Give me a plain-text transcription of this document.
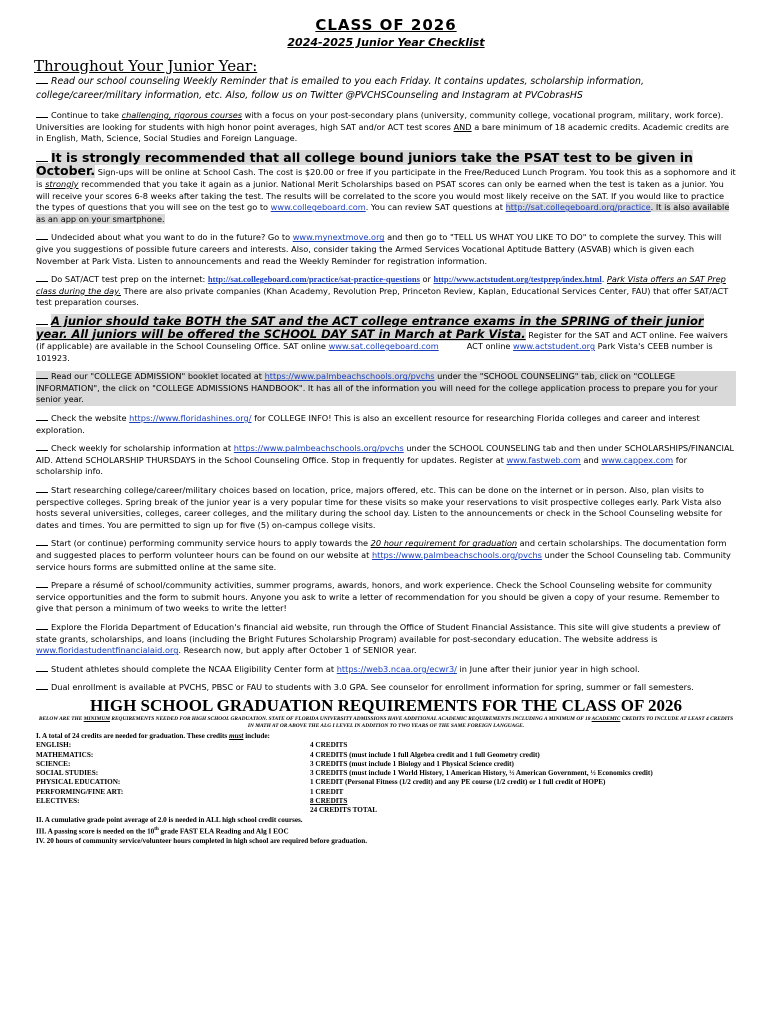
CLASS OF 2026
2024-2025 Junior Year Checklist
Throughout Your Junior Year:

Read our school counseling Weekly Reminder that is emailed to you each Friday. It contains updates, scholarship information, college/career/military information, etc. Also, follow us on Twitter @PVCHSCounseling and Instagram at PVCobrasHS

Continue to take challenging, rigorous courses with a focus on your post-secondary plans (university, community college, vocational program, military, work force). Universities are looking for students with high honor point averages, high SAT and/or ACT test scores AND a bare minimum of 18 academic credits. Academic credits are in English, Math, Science, Social Studies and Foreign Language.

It is strongly recommended that all college bound juniors take the PSAT test to be given in October. Sign-ups will be online at School Cash. The cost is $20.00 or free if you participate in the Free/Reduced Lunch Program. You took this as a sophomore and it is strongly recommended that you take it again as a junior. National Merit Scholarships based on PSAT scores can only be earned when the test is taken as a junior. You will receive your scores 6-8 weeks after taking the test. The results will be correlated to the score you would most likely receive on the SAT. If you would like to practice the types of questions that you will see on the test go to www.collegeboard.com. You can review SAT questions at http://sat.collegeboard.org/practice. It is also available as an app on your smartphone.

Undecided about what you want to do in the future? Go to www.mynextmove.org and then go to "TELL US WHAT YOU LIKE TO DO" to complete the survey. This will give you suggestions of possible future careers and interests. Also, consider taking the Armed Services Vocational Aptitude Battery (ASVAB) which is given each November at Park Vista. Listen to announcements and read the Weekly Reminder for registration information.

Do SAT/ACT test prep on the internet: http://sat.collegeboard.com/practice/sat-practice-questions or http://www.actstudent.org/testprep/index.html. Park Vista offers an SAT Prep class during the day. There are also private companies (Khan Academy, Revolution Prep, Princeton Review, Kaplan, Educational Services Center, FAU) that offer SAT/ACT test preparation courses.

A junior should take BOTH the SAT and the ACT college entrance exams in the SPRING of their junior year. All juniors will be offered the SCHOOL DAY SAT in March at Park Vista. Register for the SAT and ACT online. Fee waivers (if applicable) are available in the School Counseling Office. SAT online www.sat.collegeboard.com	ACT online www.actstudent.org Park Vista's CEEB number is 101923.

Read our "COLLEGE ADMISSION" booklet located at https://www.palmbeachschools.org/pvchs under the "SCHOOL COUNSELING" tab, click on "COLLEGE INFORMATION", the click on "COLLEGE ADMISSIONS HANDBOOK". It has all of the information you will need for the college application process to prepare you for your senior year.

Check the website https://www.floridashines.org/ for COLLEGE INFO! This is also an excellent resource for researching Florida colleges and career and interest exploration.

Check weekly for scholarship information at https://www.palmbeachschools.org/pvchs under the SCHOOL COUNSELING tab and then under SCHOLARSHIPS/FINANCIAL AID. Attend SCHOLARSHIP THURSDAYS in the School Counseling Office. Stop in frequently for updates. Register at www.fastweb.com and www.cappex.com for scholarship info.

Start researching college/career/military choices based on location, price, majors offered, etc. This can be done on the internet or in person. Also, plan visits to perspective colleges. Spring break of the junior year is a very popular time for these visits so make your reservations to visit prospective colleges early. Park Vista also hosts several universities, colleges, career colleges, and the military during the school day. Listen to the announcements or check in the School Counseling website for dates and times. You are permitted to sign up for five (5) on-campus college visits.

Start (or continue) performing community service hours to apply towards the 20 hour requirement for graduation and certain scholarships. The documentation form and suggested places to perform volunteer hours can be found on our website at https://www.palmbeachschools.org/pvchs under the School Counseling tab. Community service hours forms are submitted online at the same site.

Prepare a résumé of school/community activities, summer programs, awards, honors, and work experience. Check the School Counseling website for community service opportunities and the form to submit hours. Anyone you ask to write a letter of recommendation for you should be given a copy of your resume. Remember to give that person a minimum of two weeks to write the letter!

Explore the Florida Department of Education's financial aid website, run through the Office of Student Financial Assistance. This site will give students a preview of state grants, scholarships, and loans (including the Bright Futures Scholarship Program) available for post-secondary education. The website address is www.floridastudentfinancialaid.org. Research now, but apply after October 1 of SENIOR year.

Student athletes should complete the NCAA Eligibility Center form at https://web3.ncaa.org/ecwr3/ in June after their junior year in high school.

Dual enrollment is available at PVCHS, PBSC or FAU to students with 3.0 GPA. See counselor for enrollment information for spring, summer or fall semesters.

HIGH SCHOOL GRADUATION REQUIREMENTS FOR THE CLASS OF 2026

BELOW ARE THE MINIMUM REQUIREMENTS NEEDED FOR HIGH SCHOOL GRADUATION. STATE OF FLORIDA UNIVERSITY ADMISSIONS HAVE ADDITIONAL ACADEMIC REQUIREMENTS INCLUDING A MINIMUM OF 18 ACADEMIC CREDITS TO INCLUDE AT LEAST 4 CREDITS IN MATH AT OR ABOVE THE ALG I LEVEL IN ADDITION TO TWO YEARS OF THE SAME FOREIGN LANGUAGE.

I. A total of 24 credits are needed for graduation. These credits must include:
ENGLISH:	4 CREDITS
MATHEMATICS:	4 CREDITS (must include 1 full Algebra credit and 1 full Geometry credit)
SCIENCE:	3 CREDITS (must include 1 Biology and 1 Physical Science credit)
SOCIAL STUDIES:	3 CREDITS (must include 1 World History, 1 American History, ½ American Government, ½ Economics credit)
PHYSICAL EDUCATION:	1 CREDIT (Personal Fitness (1/2 credit) and any PE course (1/2 credit) or 1 full credit of HOPE)
PERFORMING/FINE ART:	1 CREDIT
ELECTIVES:	8 CREDITS
24 CREDITS TOTAL
II. A cumulative grade point average of 2.0 is needed in ALL high school credit courses.
III. A passing score is needed on the 10th grade FAST ELA Reading and Alg I EOC
IV. 20 hours of community service/volunteer hours completed in high school are required before graduation.
